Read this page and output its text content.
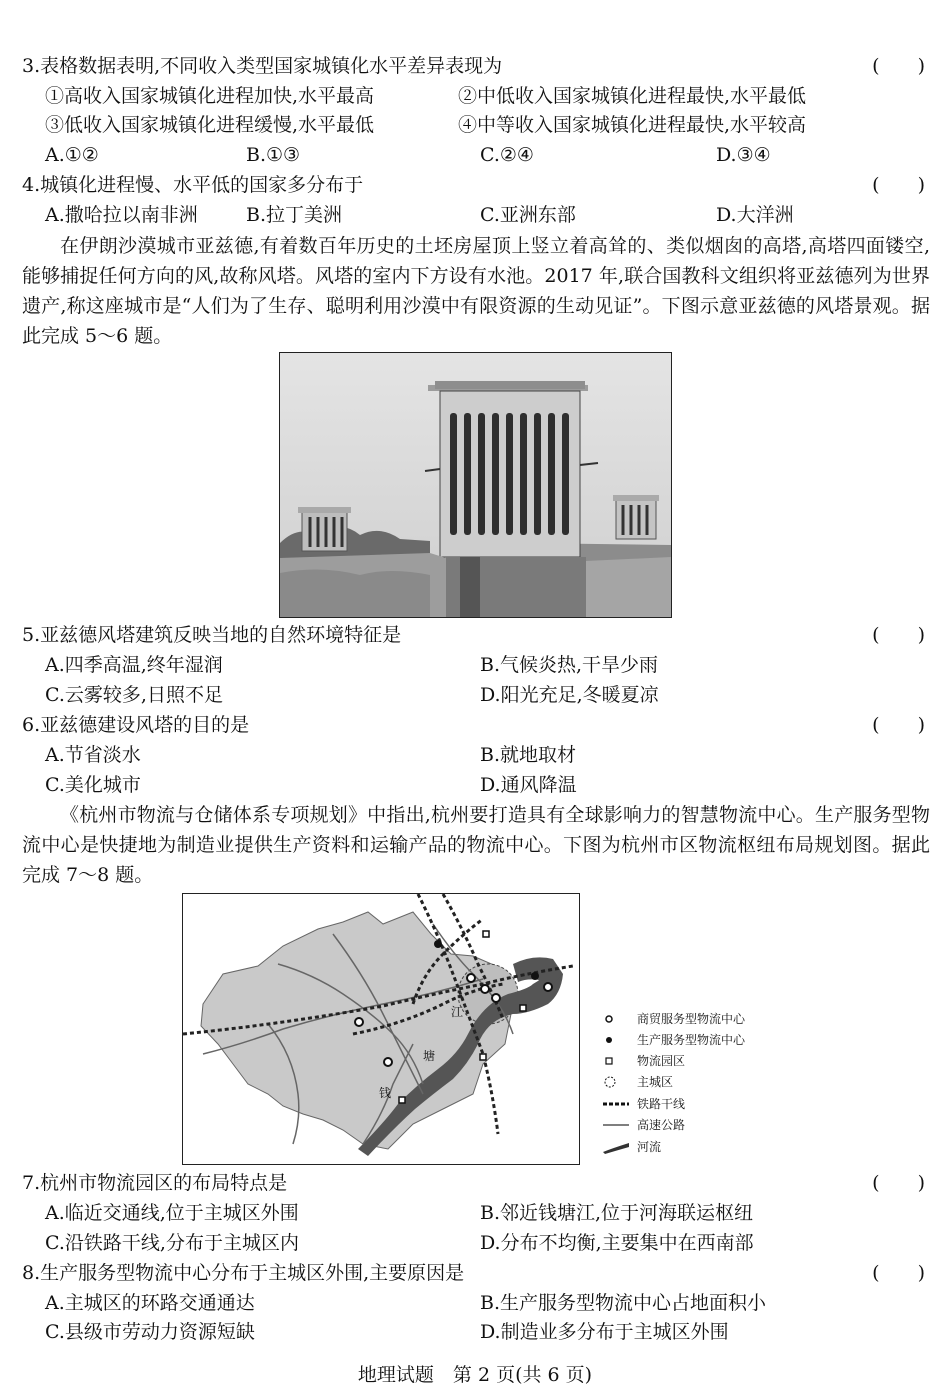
3.表格数据表明,不同收入类型国家城镇化水平差异表现为	(　　)
①高收入国家城镇化进程加快,水平最高	②中低收入国家城镇化进程最快,水平最低
③低收入国家城镇化进程缓慢,水平最低	④中等收入国家城镇化进程最快,水平较高
A.①②	B.①③	C.②④	D.③④
4.城镇化进程慢、水平低的国家多分布于	(　　)
A.撒哈拉以南非洲	B.拉丁美洲	C.亚洲东部	D.大洋洲

在伊朗沙漠城市亚兹德,有着数百年历史的土坯房屋顶上竖立着高耸的、类似烟囱的高塔,高塔四面镂空,能够捕捉任何方向的风,故称风塔。风塔的室内下方设有水池。2017 年,联合国教科文组织将亚兹德列为世界遗产,称这座城市是“人们为了生存、聪明利用沙漠中有限资源的生动见证”。下图示意亚兹德的风塔景观。据此完成 5～6 题。

5.亚兹德风塔建筑反映当地的自然环境特征是	(　　)
A.四季高温,终年湿润	B.气候炎热,干旱少雨
C.云雾较多,日照不足	D.阳光充足,冬暖夏凉
6.亚兹德建设风塔的目的是	(　　)
A.节省淡水	B.就地取材
C.美化城市	D.通风降温

《杭州市物流与仓储体系专项规划》中指出,杭州要打造具有全球影响力的智慧物流中心。生产服务型物流中心是快捷地为制造业提供生产资料和运输产品的物流中心。下图为杭州市区物流枢纽布局规划图。据此完成 7～8 题。

江
塘
钱
商贸服务型物流中心
生产服务型物流中心
物流园区
主城区
铁路干线
高速公路
河流
7.杭州市物流园区的布局特点是	(　　)
A.临近交通线,位于主城区外围	B.邻近钱塘江,位于河海联运枢纽
C.沿铁路干线,分布于主城区内	D.分布不均衡,主要集中在西南部
8.生产服务型物流中心分布于主城区外围,主要原因是	(　　)
A.主城区的环路交通通达	B.生产服务型物流中心占地面积小
C.县级市劳动力资源短缺	D.制造业多分布于主城区外围
地理试题　第 2 页(共 6 页)
